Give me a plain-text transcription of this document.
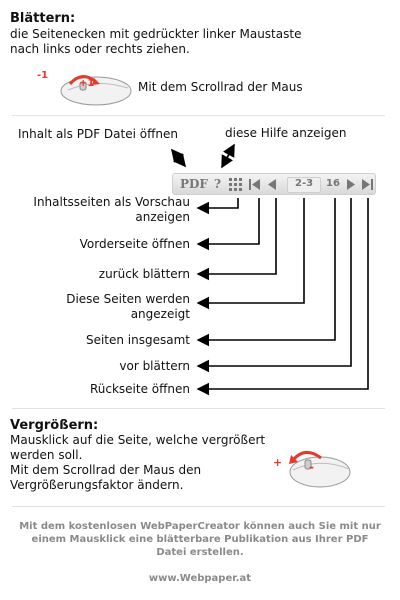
Blättern:
die Seitenecken mit gedrückter linker Maustaste
nach links oder rechts ziehen.
-1
+1	Mit dem Scrollrad der Maus
Inhalt als PDF Datei öffnen	diese Hilfe anzeigen
PDF ?	2-3 16
Inhaltsseiten als Vorschau
anzeigen
Vorderseite öffnen
zurück blättern
Diese Seiten werden
angezeigt
Seiten insgesamt
vor blättern
Rückseite öffnen
Vergrößern:
Mausklick auf die Seite, welche vergrößert
werden soll.
Mit dem Scrollrad der Maus den
Vergrößerungsfaktor ändern.
+ -
Mit dem kostenlosen WebPaperCreator können auch Sie mit nur
einem Mausklick eine blätterbare Publikation aus Ihrer PDF
Datei erstellen.
www.Webpaper.at
